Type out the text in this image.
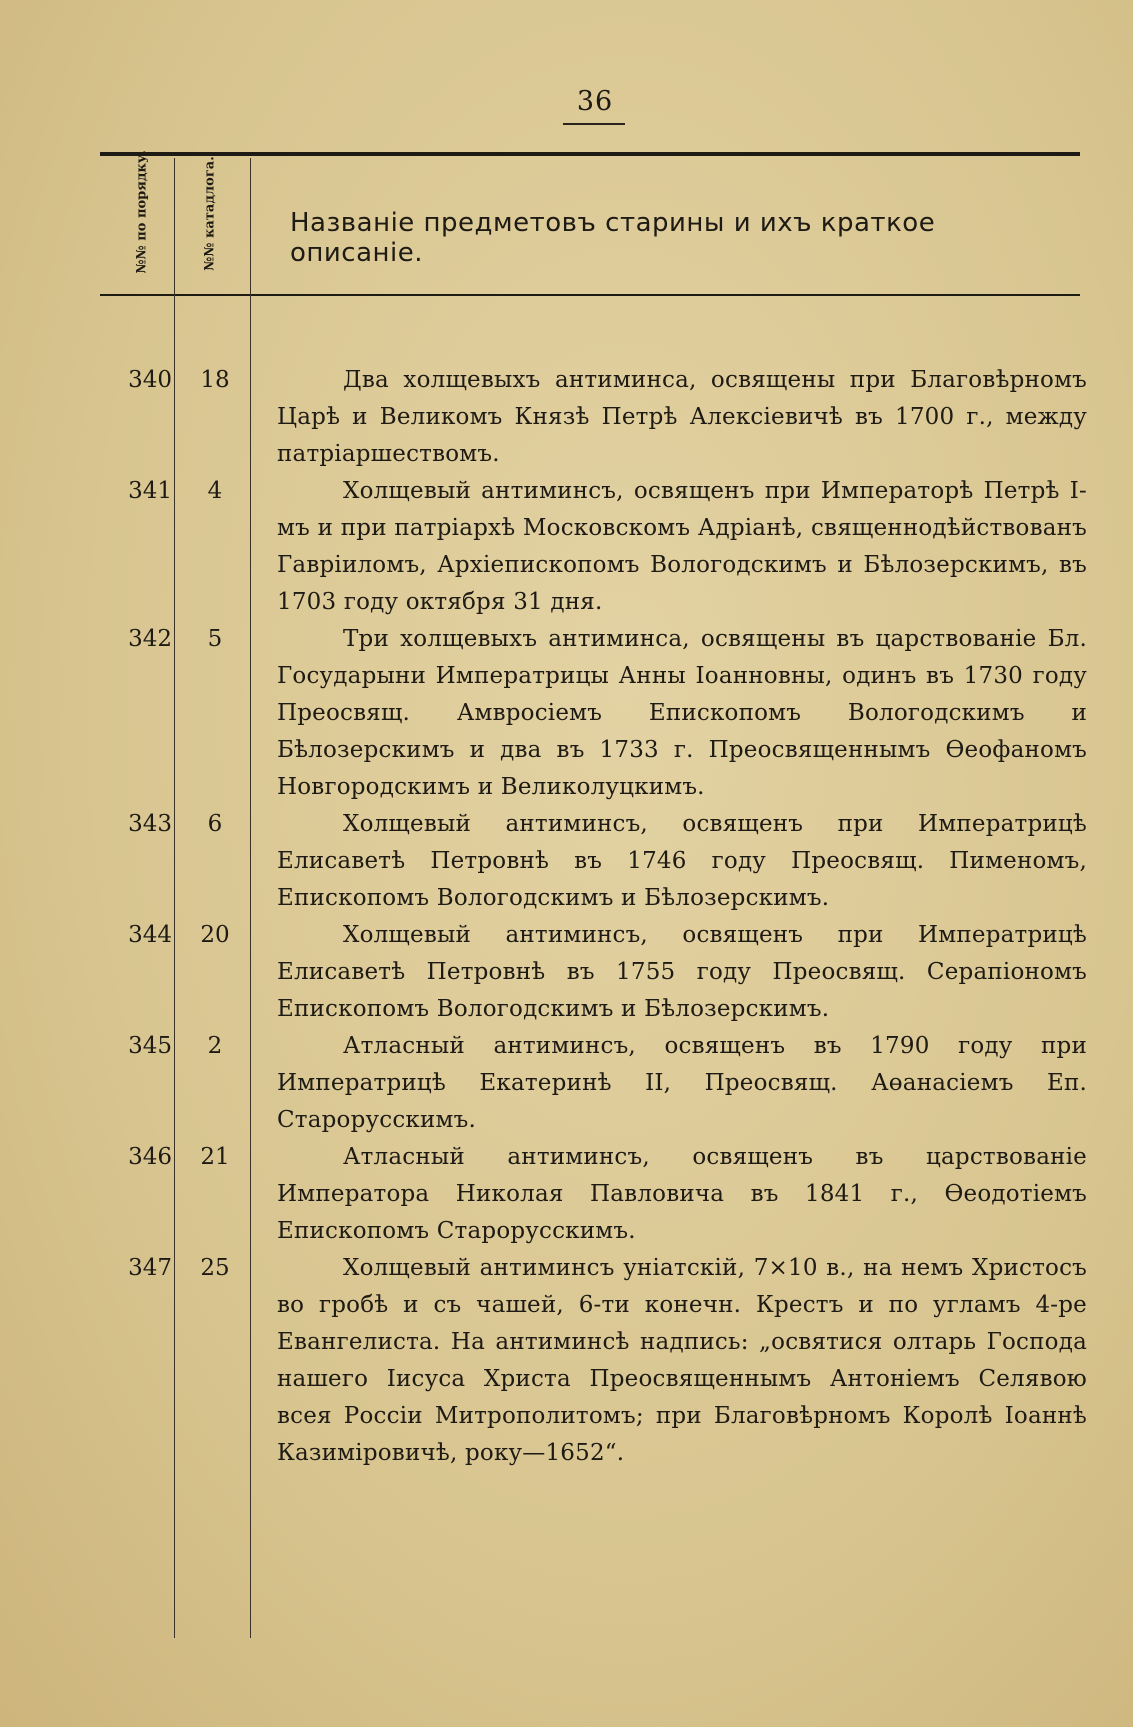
36
№№ по порядку.	№№ катадлога.	Названіе предметовъ старины и ихъ краткое описаніе.
340	18	Два холщевыхъ антиминса, освящены при Благовѣрномъ Царѣ и Великомъ Князѣ Петрѣ Алексіевичѣ въ 1700 г., между патріаршествомъ.
341	4	Холщевый антиминсъ, освященъ при Императорѣ Петрѣ I-мъ и при патріархѣ Московскомъ Адріанѣ, священнодѣйствованъ Гавріиломъ, Архіепископомъ Вологодскимъ и Бѣлозерскимъ, въ 1703 году октября 31 дня.
342	5	Три холщевыхъ антиминса, освящены въ царствованіе Бл. Государыни Императрицы Анны Іоанновны, одинъ въ 1730 году Преосвящ. Амвросіемъ Епископомъ Вологодскимъ и Бѣлозерскимъ и два въ 1733 г. Преосвященнымъ Өеофаномъ Новгородскимъ и Великолуцкимъ.
343	6	Холщевый антиминсъ, освященъ при Императрицѣ Елисаветѣ Петровнѣ въ 1746 году Преосвящ. Пименомъ, Епископомъ Вологодскимъ и Бѣлозерскимъ.
344	20	Холщевый антиминсъ, освященъ при Императрицѣ Елисаветѣ Петровнѣ въ 1755 году Преосвящ. Серапіономъ Епископомъ Вологодскимъ и Бѣлозерскимъ.
345	2	Атласный антиминсъ, освященъ въ 1790 году при Императрицѣ Екатеринѣ II, Преосвящ. Аөанасіемъ Еп. Старорусскимъ.
346	21	Атласный антиминсъ, освященъ въ царствованіе Императора Николая Павловича въ 1841 г., Өеодотіемъ Епископомъ Старорусскимъ.
347	25	Холщевый антиминсъ уніатскій, 7×10 в., на немъ Христосъ во гробѣ и съ чашей, 6-ти конечн. Крестъ и по угламъ 4-ре Евангелиста. На антиминсѣ надпись: „освятися олтарь Господа нашего Іисуса Христа Преосвященнымъ Антоніемъ Селявою всея Россіи Митрополитомъ; при Благовѣрномъ Королѣ Іоаннѣ Казиміровичѣ, року—1652“.
